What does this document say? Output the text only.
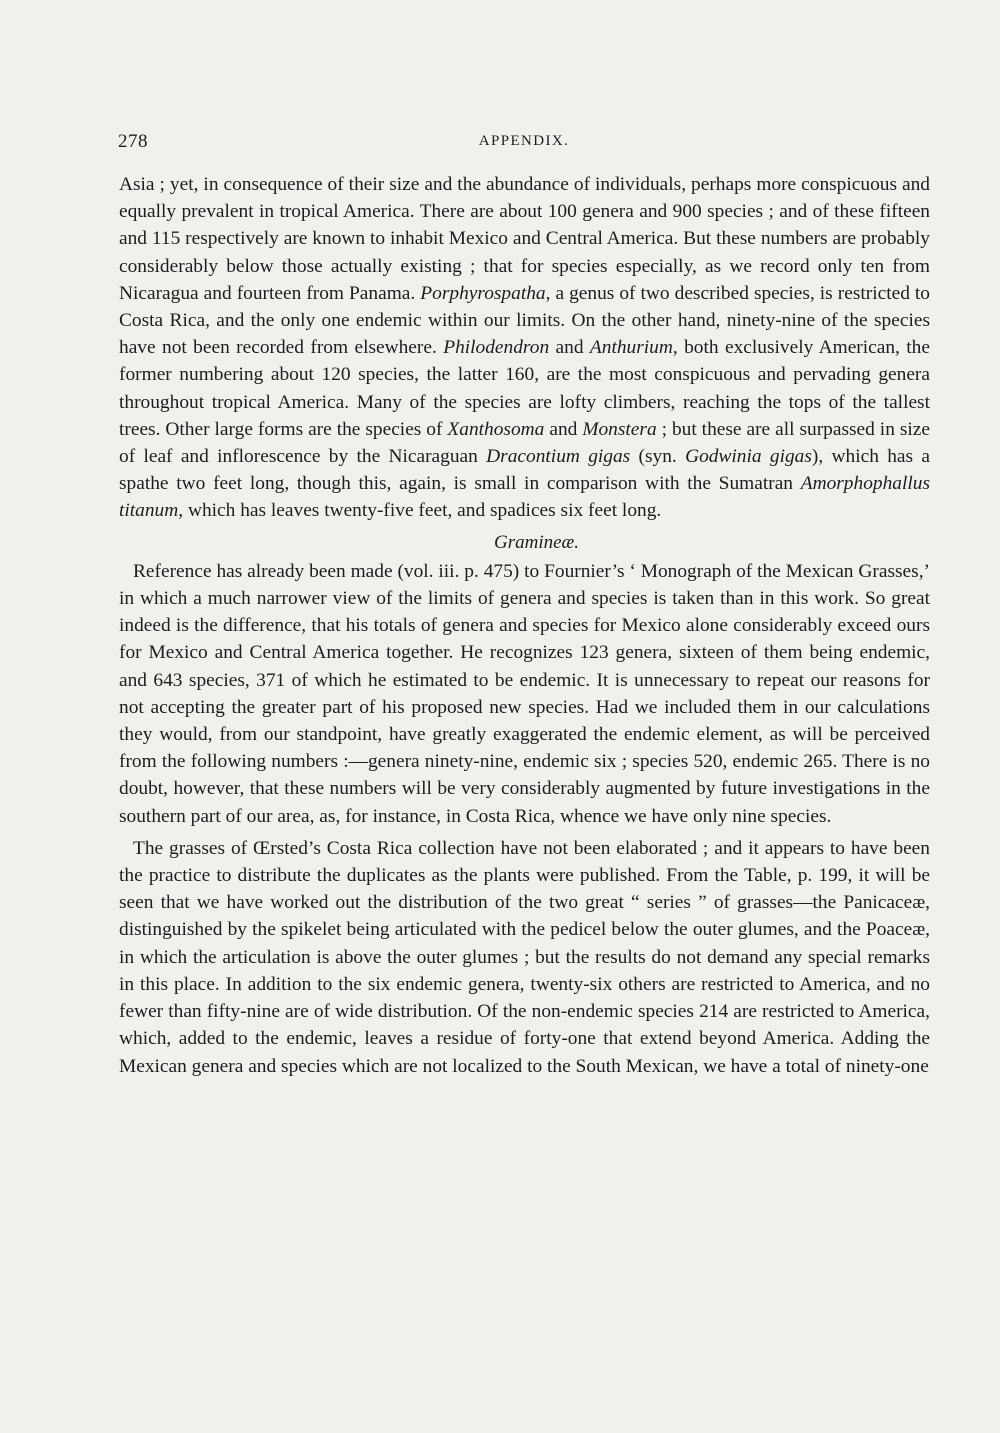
278	APPENDIX.

Asia ; yet, in consequence of their size and the abundance of individuals, perhaps more conspicuous and equally prevalent in tropical America. There are about 100 genera and 900 species ; and of these fifteen and 115 respectively are known to inhabit Mexico and Central America. But these numbers are probably considerably below those actually existing ; that for species especially, as we record only ten from Nicaragua and fourteen from Panama. Porphyrospatha, a genus of two described species, is restricted to Costa Rica, and the only one endemic within our limits. On the other hand, ninety-nine of the species have not been recorded from elsewhere. Philodendron and Anthurium, both exclusively American, the former numbering about 120 species, the latter 160, are the most conspicuous and pervading genera throughout tropical America. Many of the species are lofty climbers, reaching the tops of the tallest trees. Other large forms are the species of Xanthosoma and Monstera ; but these are all surpassed in size of leaf and inflorescence by the Nicaraguan Dracontium gigas (syn. Godwinia gigas), which has a spathe two feet long, though this, again, is small in comparison with the Sumatran Amorphophallus titanum, which has leaves twenty-five feet, and spadices six feet long.

Gramineæ.

Reference has already been made (vol. iii. p. 475) to Fournier’s ‘ Monograph of the Mexican Grasses,’ in which a much narrower view of the limits of genera and species is taken than in this work. So great indeed is the difference, that his totals of genera and species for Mexico alone considerably exceed ours for Mexico and Central America together. He recognizes 123 genera, sixteen of them being endemic, and 643 species, 371 of which he estimated to be endemic. It is unnecessary to repeat our reasons for not accepting the greater part of his proposed new species. Had we included them in our calculations they would, from our standpoint, have greatly exaggerated the endemic element, as will be perceived from the following numbers :—genera ninety-nine, endemic six ; species 520, endemic 265. There is no doubt, however, that these numbers will be very considerably augmented by future investigations in the southern part of our area, as, for instance, in Costa Rica, whence we have only nine species.

The grasses of Œrsted’s Costa Rica collection have not been elaborated ; and it appears to have been the practice to distribute the duplicates as the plants were published. From the Table, p. 199, it will be seen that we have worked out the distribution of the two great “ series ” of grasses—the Panicaceæ, distinguished by the spikelet being articulated with the pedicel below the outer glumes, and the Poaceæ, in which the articulation is above the outer glumes ; but the results do not demand any special remarks in this place. In addition to the six endemic genera, twenty-six others are restricted to America, and no fewer than fifty-nine are of wide distribution. Of the non-endemic species 214 are restricted to America, which, added to the endemic, leaves a residue of forty-one that extend beyond America. Adding the Mexican genera and species which are not localized to the South Mexican, we have a total of ninety-one
